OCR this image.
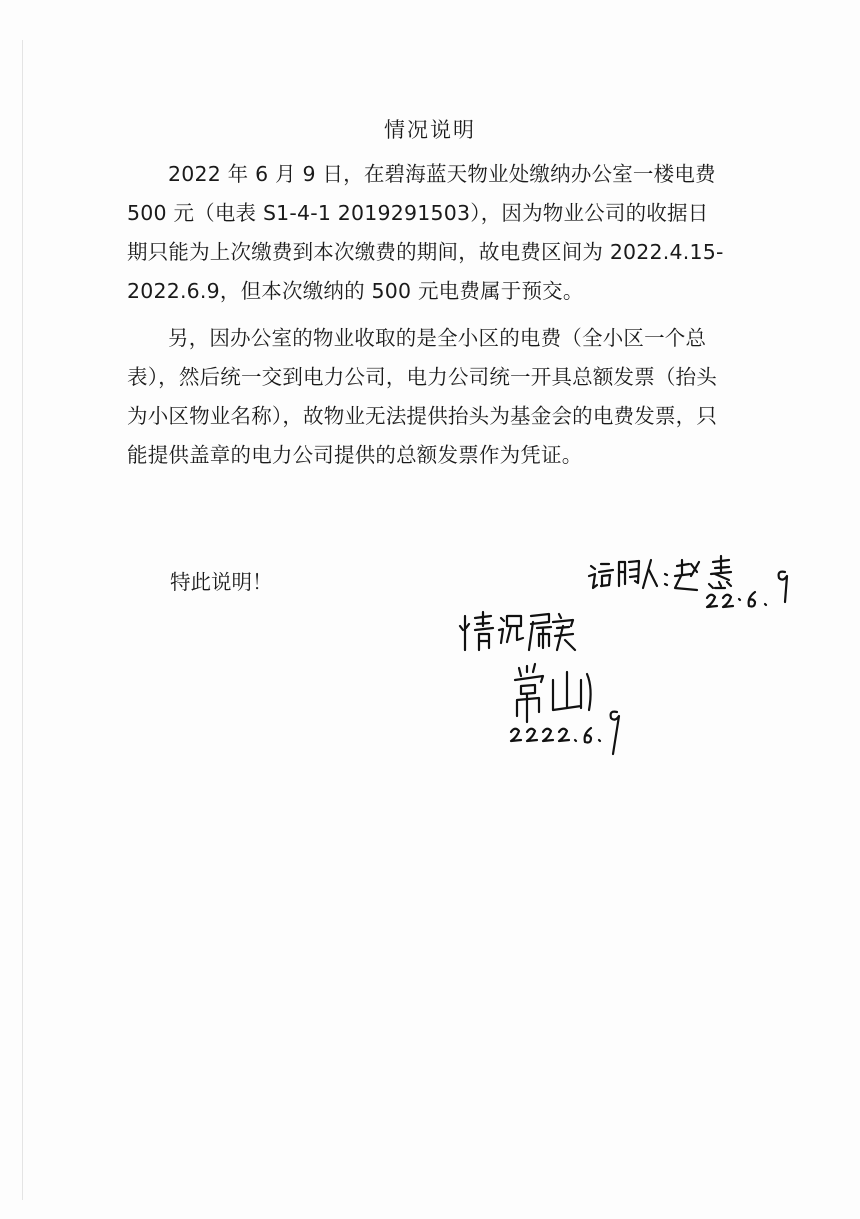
情况说明

2022 年 6 月 9 日，在碧海蓝天物业处缴纳办公室一楼电费 500 元（电表 S1-4-1 2019291503），因为物业公司的收据日期只能为上次缴费到本次缴费的期间，故电费区间为 2022.4.15-2022.6.9，但本次缴纳的 500 元电费属于预交。

另，因办公室的物业收取的是全小区的电费（全小区一个总表），然后统一交到电力公司，电力公司统一开具总额发票（抬头为小区物业名称），故物业无法提供抬头为基金会的电费发票，只能提供盖章的电力公司提供的总额发票作为凭证。

特此说明！
